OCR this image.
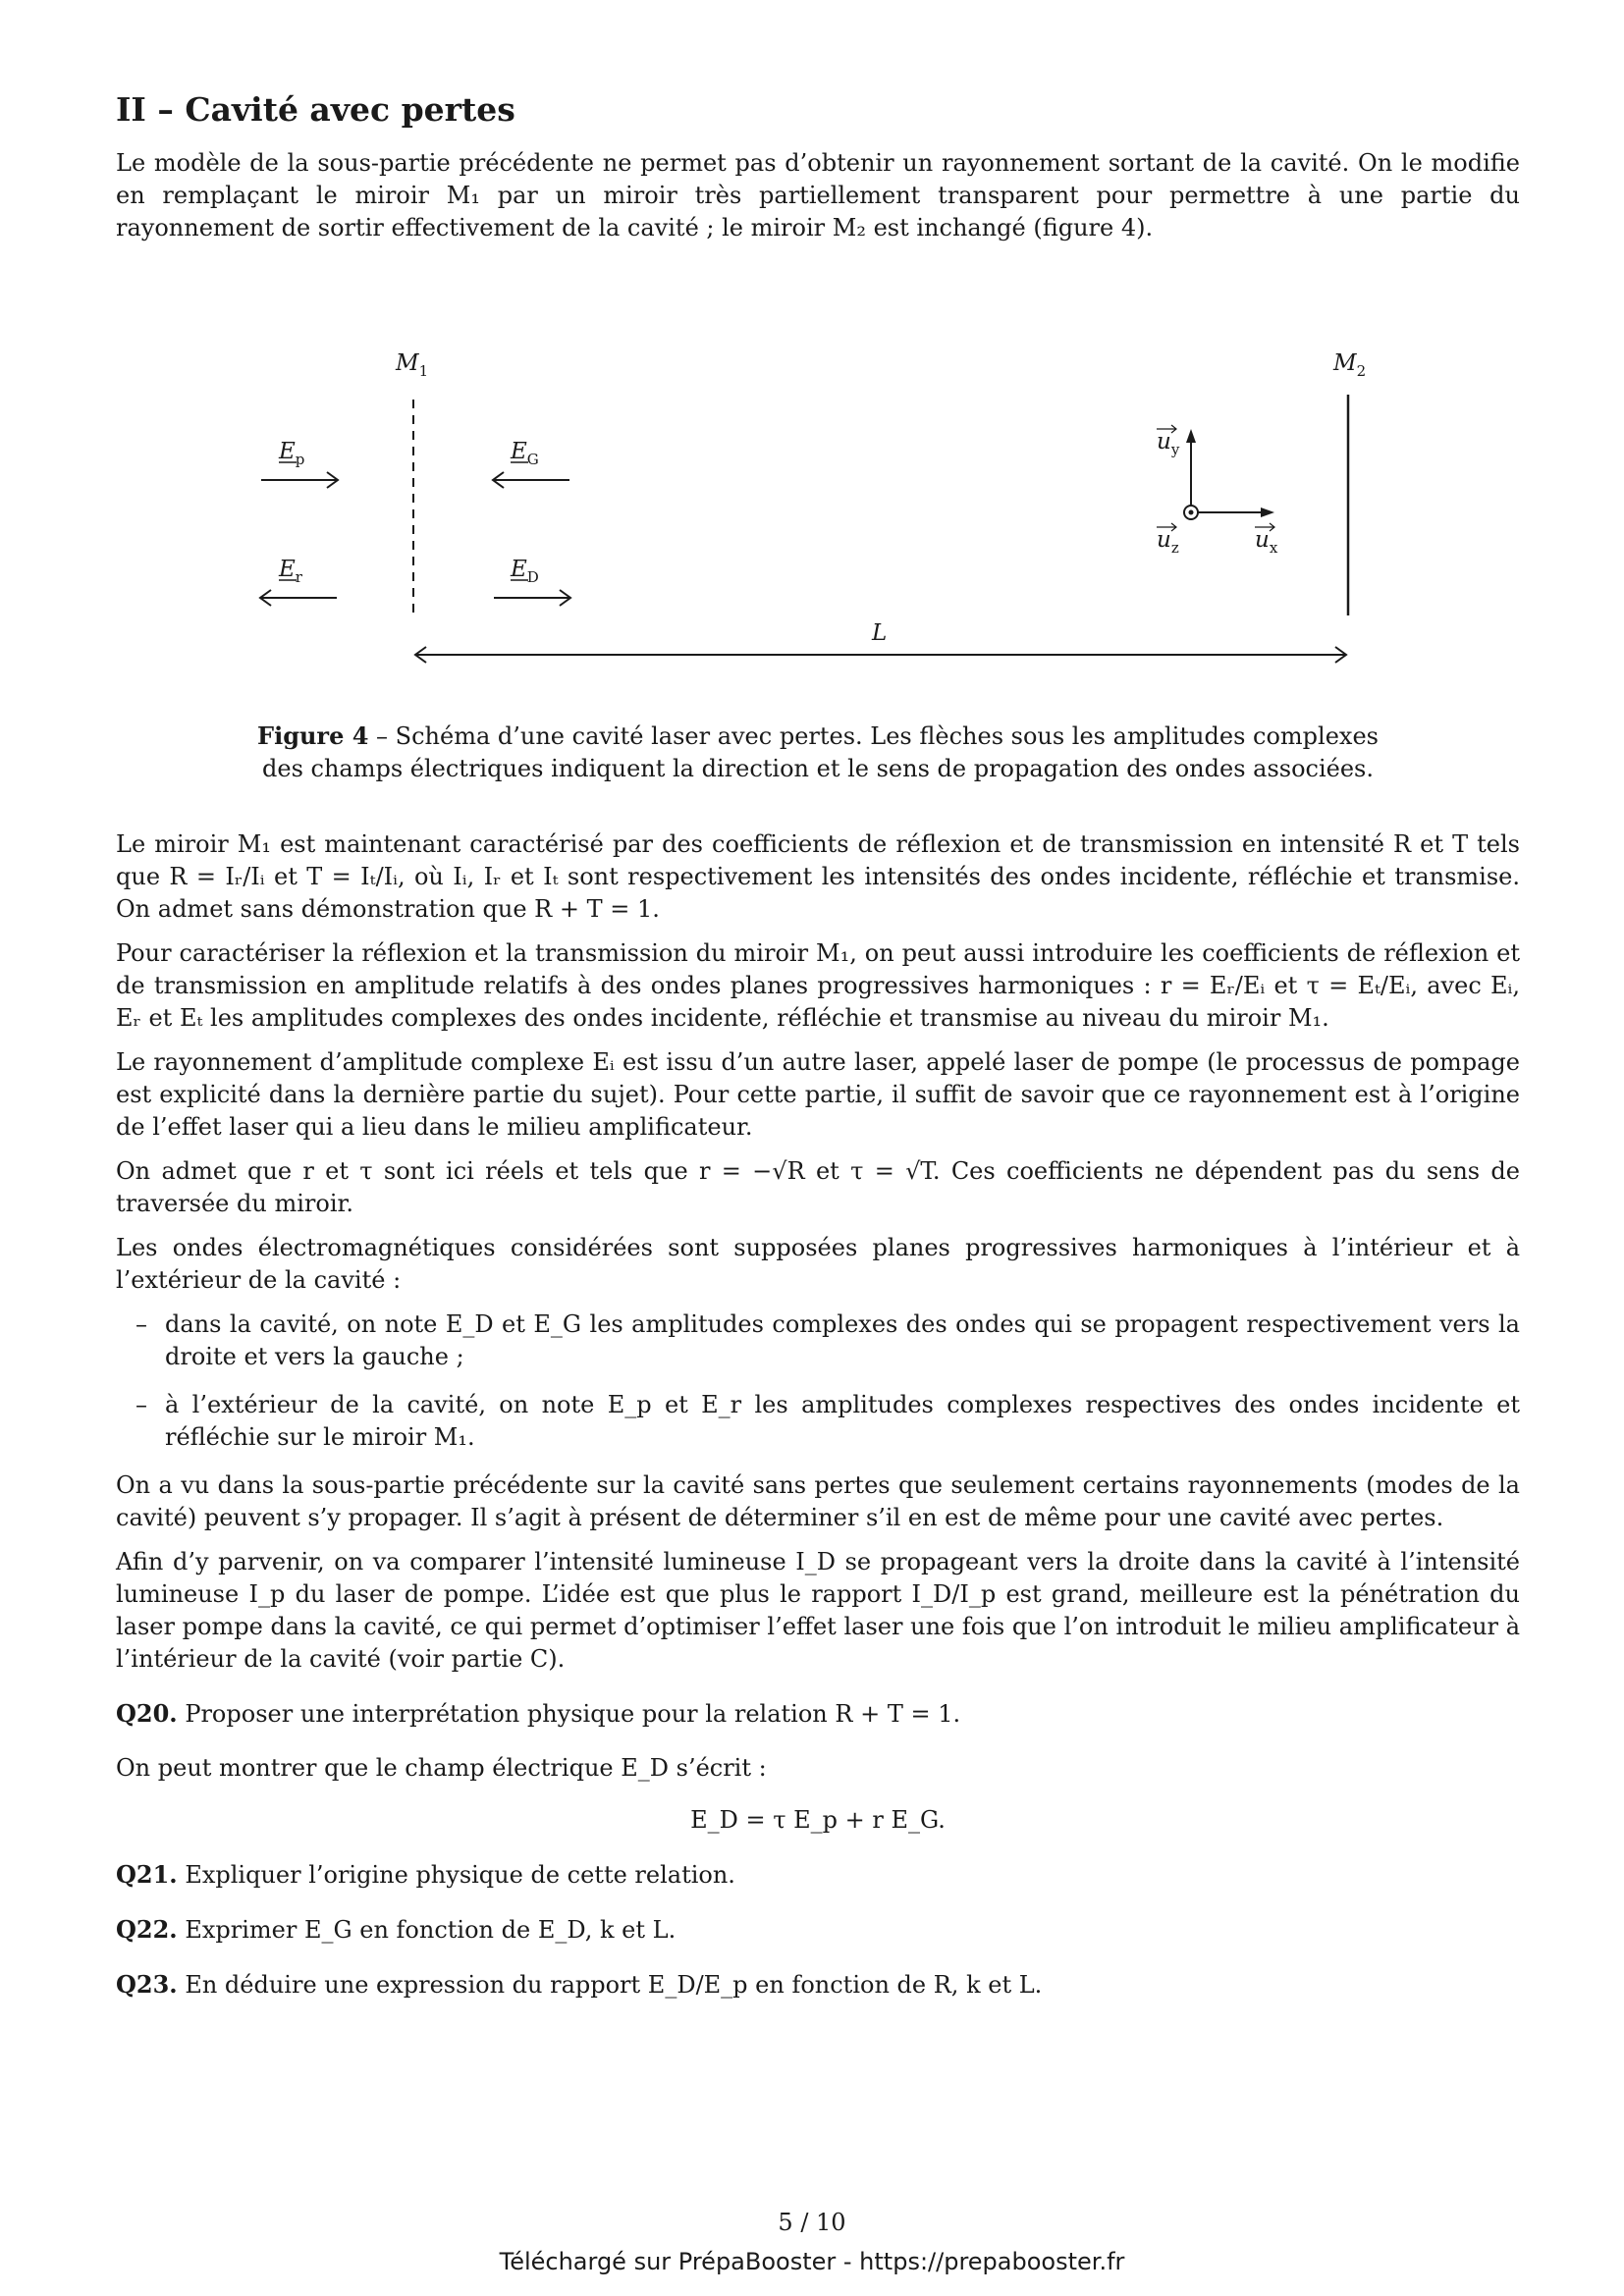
II – Cavité avec pertes

Le modèle de la sous-partie précédente ne permet pas d’obtenir un rayonnement sortant de la cavité. On le modifie en remplaçant le miroir M₁ par un miroir très partiellement transparent pour permettre à une partie du rayonnement de sortir effectivement de la cavité ; le miroir M₂ est inchangé (figure 4).

$M_1$	$M_2$
$E_p$
$E_r$
$E_G$
$E_D$
$u_y$
$u_z$	$u_x$
L
Figure 4 – Schéma d’une cavité laser avec pertes. Les flèches sous les amplitudes complexes des champs électriques indiquent la direction et le sens de propagation des ondes associées.

Le miroir M₁ est maintenant caractérisé par des coefficients de réflexion et de transmission en intensité R et T tels que R = Iᵣ/Iᵢ et T = Iₜ/Iᵢ, où Iᵢ, Iᵣ et Iₜ sont respectivement les intensités des ondes incidente, réfléchie et transmise. On admet sans démonstration que R + T = 1.

Pour caractériser la réflexion et la transmission du miroir M₁, on peut aussi introduire les coefficients de réflexion et de transmission en amplitude relatifs à des ondes planes progressives harmoniques : r = Eᵣ/Eᵢ et τ = Eₜ/Eᵢ, avec Eᵢ, Eᵣ et Eₜ les amplitudes complexes des ondes incidente, réfléchie et transmise au niveau du miroir M₁.

Le rayonnement d’amplitude complexe Eᵢ est issu d’un autre laser, appelé laser de pompe (le processus de pompage est explicité dans la dernière partie du sujet). Pour cette partie, il suffit de savoir que ce rayonnement est à l’origine de l’effet laser qui a lieu dans le milieu amplificateur.

On admet que r et τ sont ici réels et tels que r = −√R et τ = √T. Ces coefficients ne dépendent pas du sens de traversée du miroir.

Les ondes électromagnétiques considérées sont supposées planes progressives harmoniques à l’intérieur et à l’extérieur de la cavité :

– dans la cavité, on note E_D et E_G les amplitudes complexes des ondes qui se propagent respectivement vers la droite et vers la gauche ;
– à l’extérieur de la cavité, on note E_p et E_r les amplitudes complexes respectives des ondes incidente et réfléchie sur le miroir M₁.

On a vu dans la sous-partie précédente sur la cavité sans pertes que seulement certains rayonnements (modes de la cavité) peuvent s’y propager. Il s’agit à présent de déterminer s’il en est de même pour une cavité avec pertes.

Afin d’y parvenir, on va comparer l’intensité lumineuse I_D se propageant vers la droite dans la cavité à l’intensité lumineuse I_p du laser de pompe. L’idée est que plus le rapport I_D/I_p est grand, meilleure est la pénétration du laser pompe dans la cavité, ce qui permet d’optimiser l’effet laser une fois que l’on introduit le milieu amplificateur à l’intérieur de la cavité (voir partie C).

Q20. Proposer une interprétation physique pour la relation R + T = 1.

On peut montrer que le champ électrique E_D s’écrit :

E_D = τ E_p + r E_G.

Q21. Expliquer l’origine physique de cette relation.

Q22. Exprimer E_G en fonction de E_D, k et L.

Q23. En déduire une expression du rapport E_D/E_p en fonction de R, k et L.

5 / 10
Téléchargé sur PrépaBooster - https://prepabooster.fr
